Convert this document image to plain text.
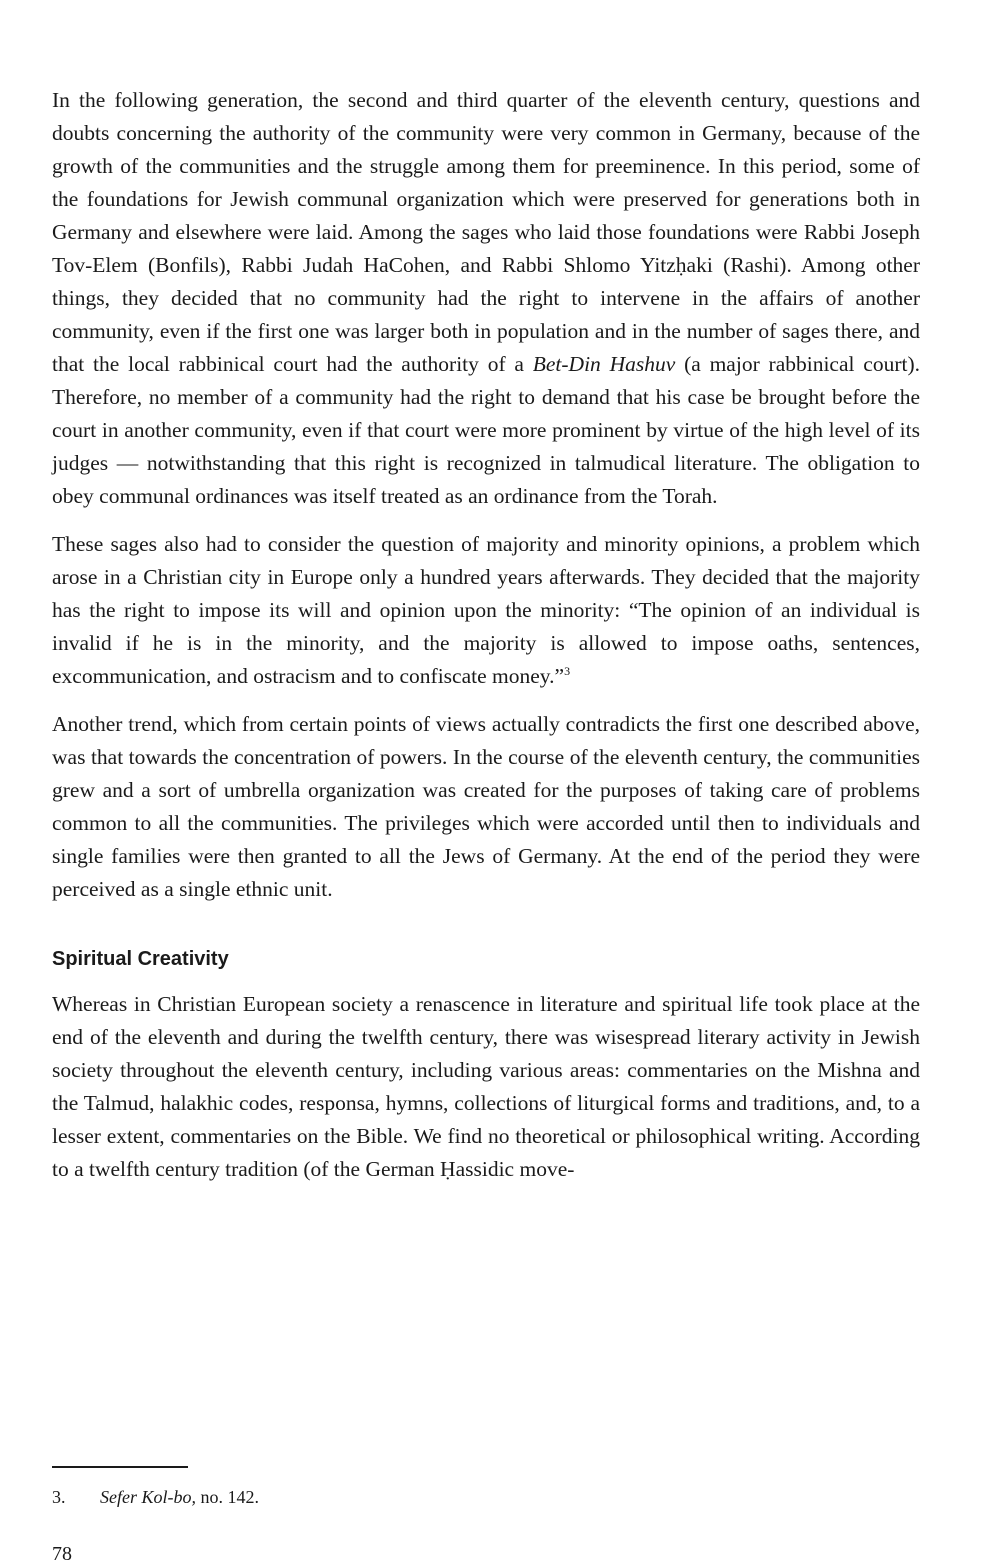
In the following generation, the second and third quarter of the eleventh century, questions and doubts concerning the authority of the community were very common in Germany, because of the growth of the communities and the struggle among them for preeminence. In this period, some of the foundations for Jewish communal organization which were preserved for generations both in Germany and elsewhere were laid. Among the sages who laid those foundations were Rabbi Joseph Tov-Elem (Bonfils), Rabbi Judah HaCohen, and Rabbi Shlomo Yitzḥaki (Rashi). Among other things, they decided that no community had the right to intervene in the affairs of another community, even if the first one was larger both in population and in the number of sages there, and that the local rabbinical court had the authority of a Bet-Din Hashuv (a major rabbinical court). Therefore, no member of a community had the right to demand that his case be brought before the court in another community, even if that court were more prominent by virtue of the high level of its judges — notwithstanding that this right is recognized in talmudical literature. The obligation to obey communal ordinances was itself treated as an ordinance from the Torah.

These sages also had to consider the question of majority and minority opinions, a problem which arose in a Christian city in Europe only a hundred years afterwards. They decided that the majority has the right to impose its will and opinion upon the minority: “The opinion of an individual is invalid if he is in the minority, and the majority is allowed to impose oaths, sentences, excommunication, and ostracism and to confiscate money.”$^3$

Another trend, which from certain points of views actually contradicts the first one described above, was that towards the concentration of powers. In the course of the eleventh century, the communities grew and a sort of umbrella organization was created for the purposes of taking care of problems common to all the communities. The privileges which were accorded until then to individuals and single families were then granted to all the Jews of Germany. At the end of the period they were perceived as a single ethnic unit.

Spiritual Creativity

Whereas in Christian European society a renascence in literature and spiritual life took place at the end of the eleventh and during the twelfth century, there was wisespread literary activity in Jewish society throughout the eleventh century, including various areas: commentaries on the Mishna and the Talmud, halakhic codes, responsa, hymns, collections of liturgical forms and traditions, and, to a lesser extent, commentaries on the Bible. We find no theoretical or philosophical writing. According to a twelfth century tradition (of the German Ḥassidic move-

3. Sefer Kol-bo, no. 142.
78
